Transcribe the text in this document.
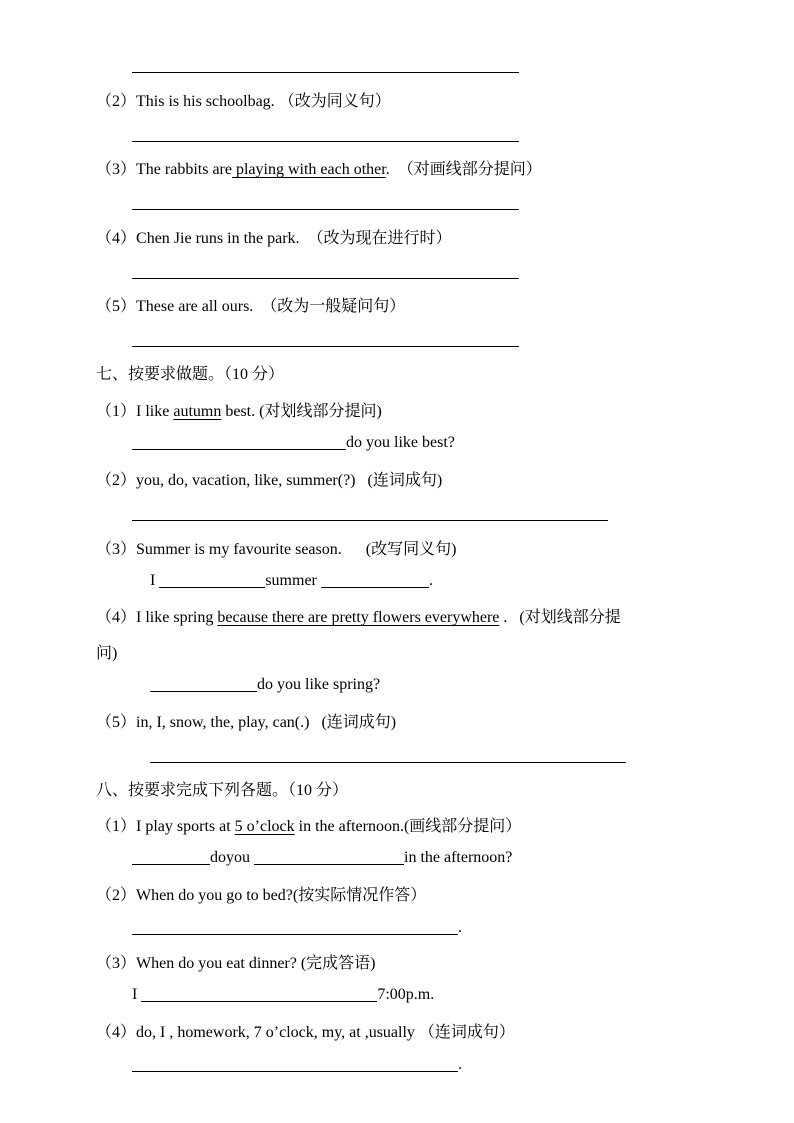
（2）This is his schoolbag. （改为同义句）
（3）The rabbits are playing with each other. （对画线部分提问）
（4）Chen Jie runs in the park. （改为现在进行时）
（5）These are all ours. （改为一般疑问句）
七、按要求做题。（10 分）
（1）I like autumn best. (对划线部分提问)
do you like best?
（2）you, do, vacation, like, summer(?) (连词成句)
（3）Summer is my favourite season. (改写同义句)
I	summer	.
（4）I like spring because there are pretty flowers everywhere . (对划线部分提
问)
do you like spring?
（5）in, I, snow, the, play, can(.) (连词成句)
八、按要求完成下列各题。（10 分）
（1）I play sports at 5 o’clock in the afternoon.(画线部分提问）
doyou	in the afternoon?
（2）When do you go to bed?(按实际情况作答）
.
（3）When do you eat dinner? (完成答语)
I	7:00p.m.
（4）do, I , homework, 7 o’clock, my, at ,usually （连词成句）
.
